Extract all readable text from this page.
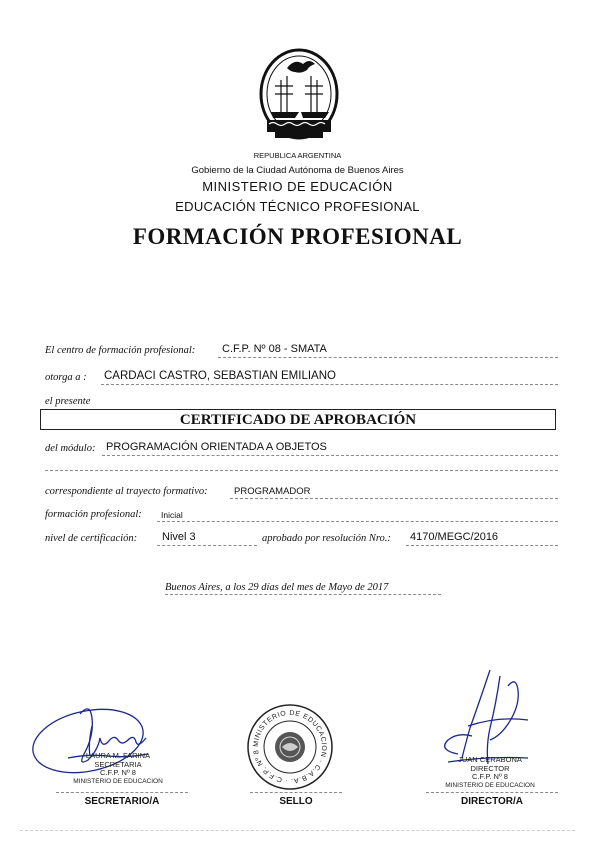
REPUBLICA ARGENTINA
Gobierno de la Ciudad Autónoma de Buenos Aires
MINISTERIO DE EDUCACIÓN
EDUCACIÓN TÉCNICO PROFESIONAL
FORMACIÓN PROFESIONAL
El centro de formación profesional: C.F.P. Nº 08 - SMATA
otorga a : CARDACI CASTRO, SEBASTIAN EMILIANO
el presente
CERTIFICADO DE APROBACIÓN
del módulo: PROGRAMACIÓN ORIENTADA A OBJETOS
correspondiente al trayecto formativo:	PROGRAMADOR
formación profesional: Inicial
nivel de certificación: Nivel 3	aprobado por resolución Nro.: 4170/MEGC/2016
Buenos Aires, a los 29 días del mes de Mayo de 2017
LAURA M. FARINA
SECRETARIA
C.F.P. Nº 8
MINISTERIO DE EDUCACION
SECRETARIO/A
MINISTERIO DE EDUCACION · C.A.B.A. · C.F.P. Nº 8
SELLO
JUAN CERABONA
DIRECTOR
C.F.P. Nº 8
MINISTERIO DE EDUCACION
DIRECTOR/A
